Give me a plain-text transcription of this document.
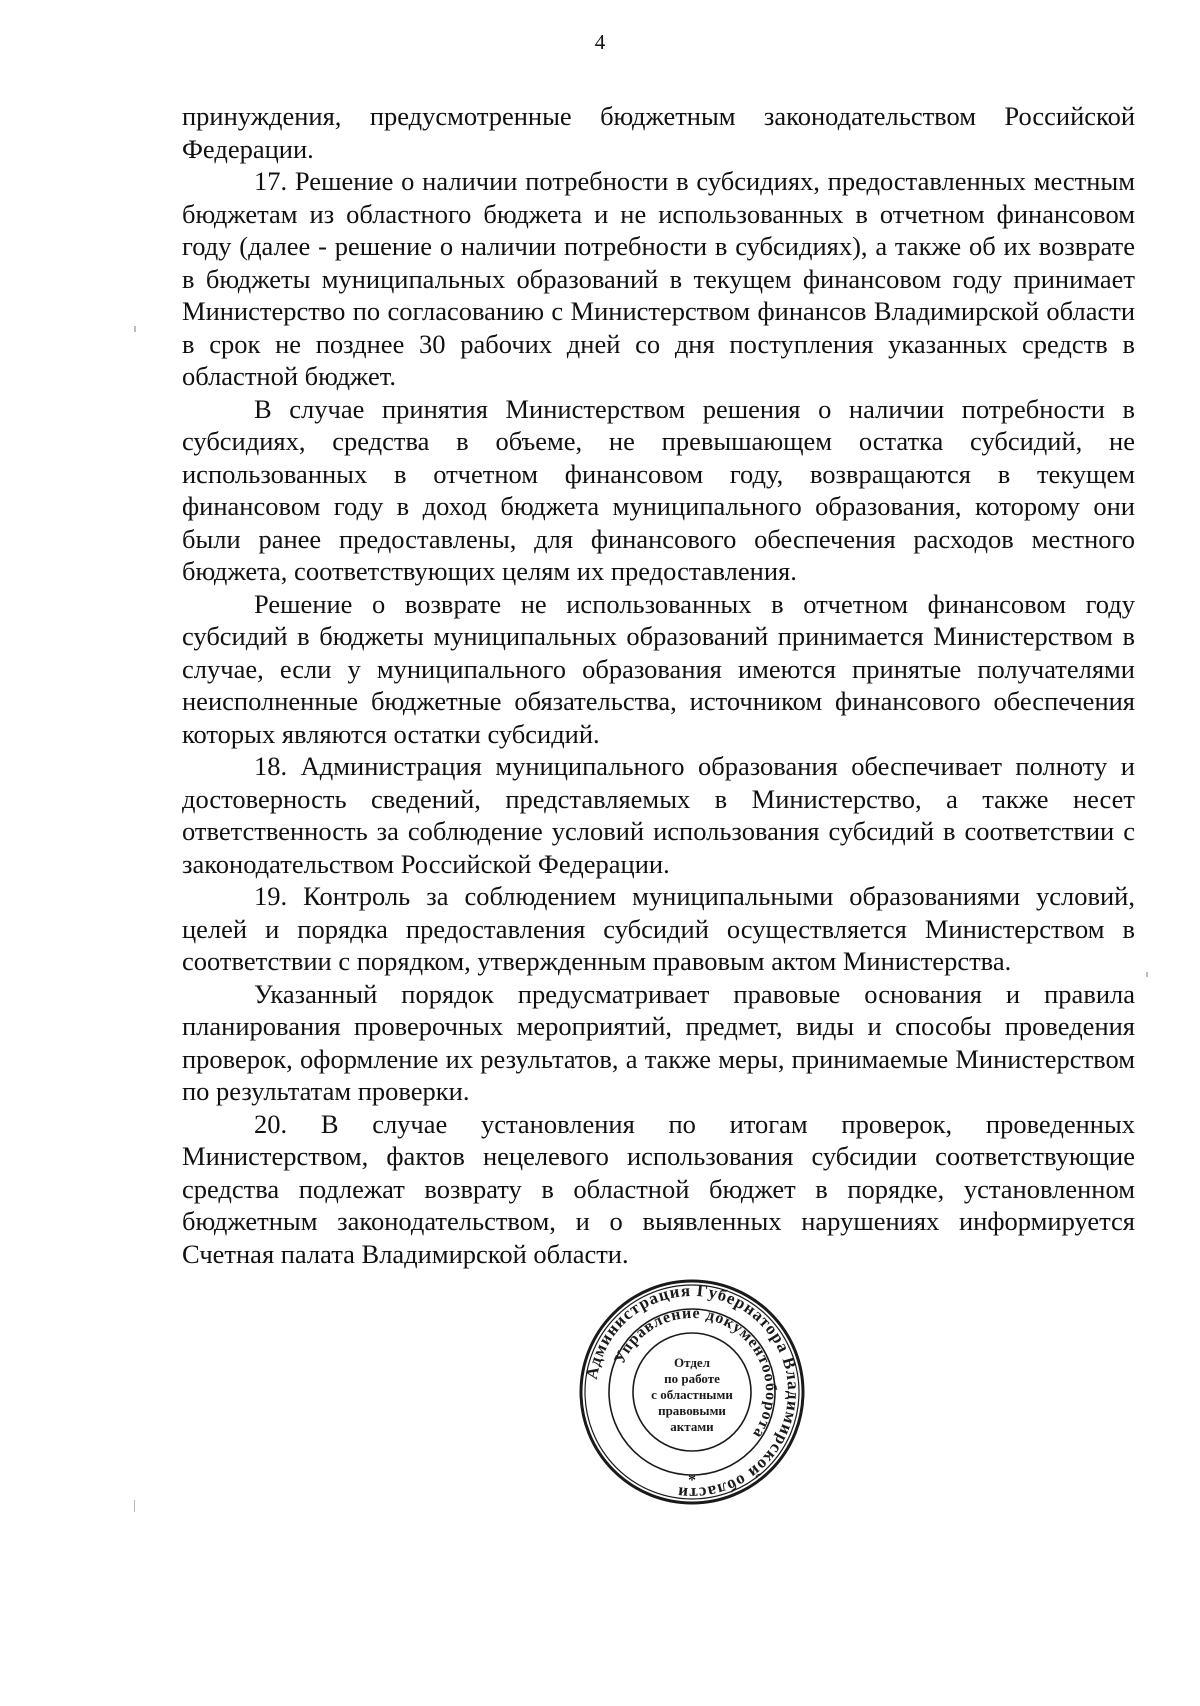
4

принуждения, предусмотренные бюджетным законодательством Российской Федерации.

17. Решение о наличии потребности в субсидиях, предоставленных местным бюджетам из областного бюджета и не использованных в отчетном финансовом году (далее - решение о наличии потребности в субсидиях), а также об их возврате в бюджеты муниципальных образований в текущем финансовом году принимает Министерство по согласованию с Министерством финансов Владимирской области в срок не позднее 30 рабочих дней со дня поступления указанных средств в областной бюджет.

В случае принятия Министерством решения о наличии потребности в субсидиях, средства в объеме, не превышающем остатка субсидий, не использованных в отчетном финансовом году, возвращаются в текущем финансовом году в доход бюджета муниципального образования, которому они были ранее предоставлены, для финансового обеспечения расходов местного бюджета, соответствующих целям их предоставления.

Решение о возврате не использованных в отчетном финансовом году субсидий в бюджеты муниципальных образований принимается Министерством в случае, если у муниципального образования имеются принятые получателями неисполненные бюджетные обязательства, источником финансового обеспечения которых являются остатки субсидий.

18. Администрация муниципального образования обеспечивает полноту и достоверность сведений, представляемых в Министерство, а также несет ответственность за соблюдение условий использования субсидий в соответствии с законодательством Российской Федерации.

19. Контроль за соблюдением муниципальными образованиями условий, целей и порядка предоставления субсидий осуществляется Министерством в соответствии с порядком, утвержденным правовым актом Министерства.

Указанный порядок предусматривает правовые основания и правила планирования проверочных мероприятий, предмет, виды и способы проведения проверок, оформление их результатов, а также меры, принимаемые Министерством по результатам проверки.

20. В случае установления по итогам проверок, проведенных Министерством, фактов нецелевого использования субсидии соответствующие средства подлежат возврату в областной бюджет в порядке, установленном бюджетным законодательством, и о выявленных нарушениях информируется Счетная палата Владимирской области.

Администрация Губернатора Владимирской области
Управление документооборота
*
Отдел
по работе
с областными
правовыми
актами
